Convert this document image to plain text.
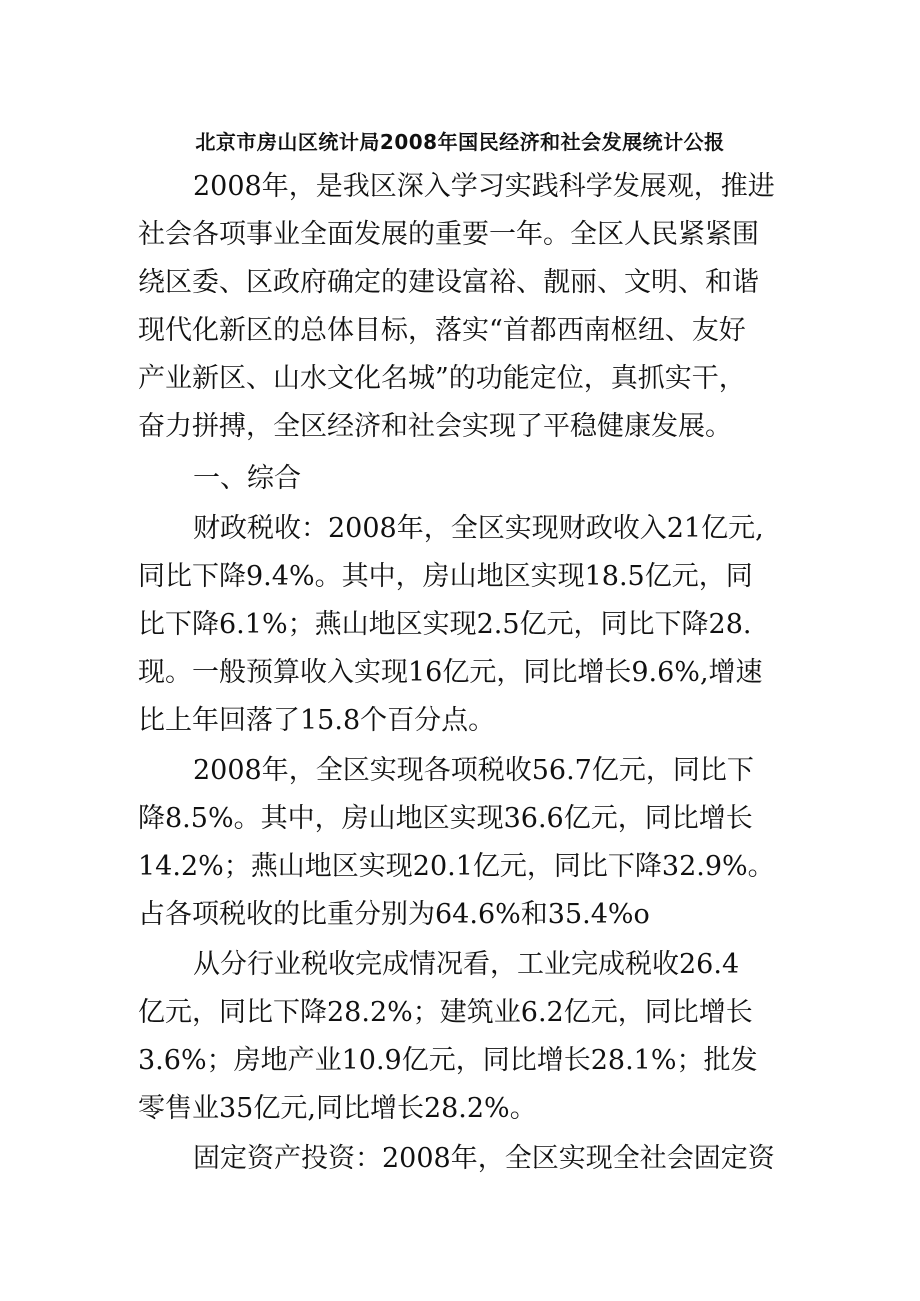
北京市房山区统计局2008年国民经济和社会发展统计公报
2008年，是我区深入学习实践科学发展观，推进
社会各项事业全面发展的重要一年。全区人民紧紧围
绕区委、区政府确定的建设富裕、靓丽、文明、和谐
现代化新区的总体目标，落实“首都西南枢纽、友好
产业新区、山水文化名城”的功能定位，真抓实干，
奋力拼搏，全区经济和社会实现了平稳健康发展。
一、综合
财政税收：2008年，全区实现财政收入21亿元,
同比下降9.4%。其中，房山地区实现18.5亿元，同
比下降6.1%；燕山地区实现2.5亿元，同比下降28.
现。一般预算收入实现16亿元，同比增长9.6%,增速
比上年回落了15.8个百分点。
2008年，全区实现各项税收56.7亿元，同比下
降8.5%。其中，房山地区实现36.6亿元，同比增长
14.2%；燕山地区实现20.1亿元，同比下降32.9%。
占各项税收的比重分别为64.6%和35.4%o
从分行业税收完成情况看，工业完成税收26.4
亿元，同比下降28.2%；建筑业6.2亿元，同比增长
3.6%；房地产业10.9亿元，同比增长28.1%；批发
零售业35亿元,同比增长28.2%。
固定资产投资：2008年，全区实现全社会固定资
